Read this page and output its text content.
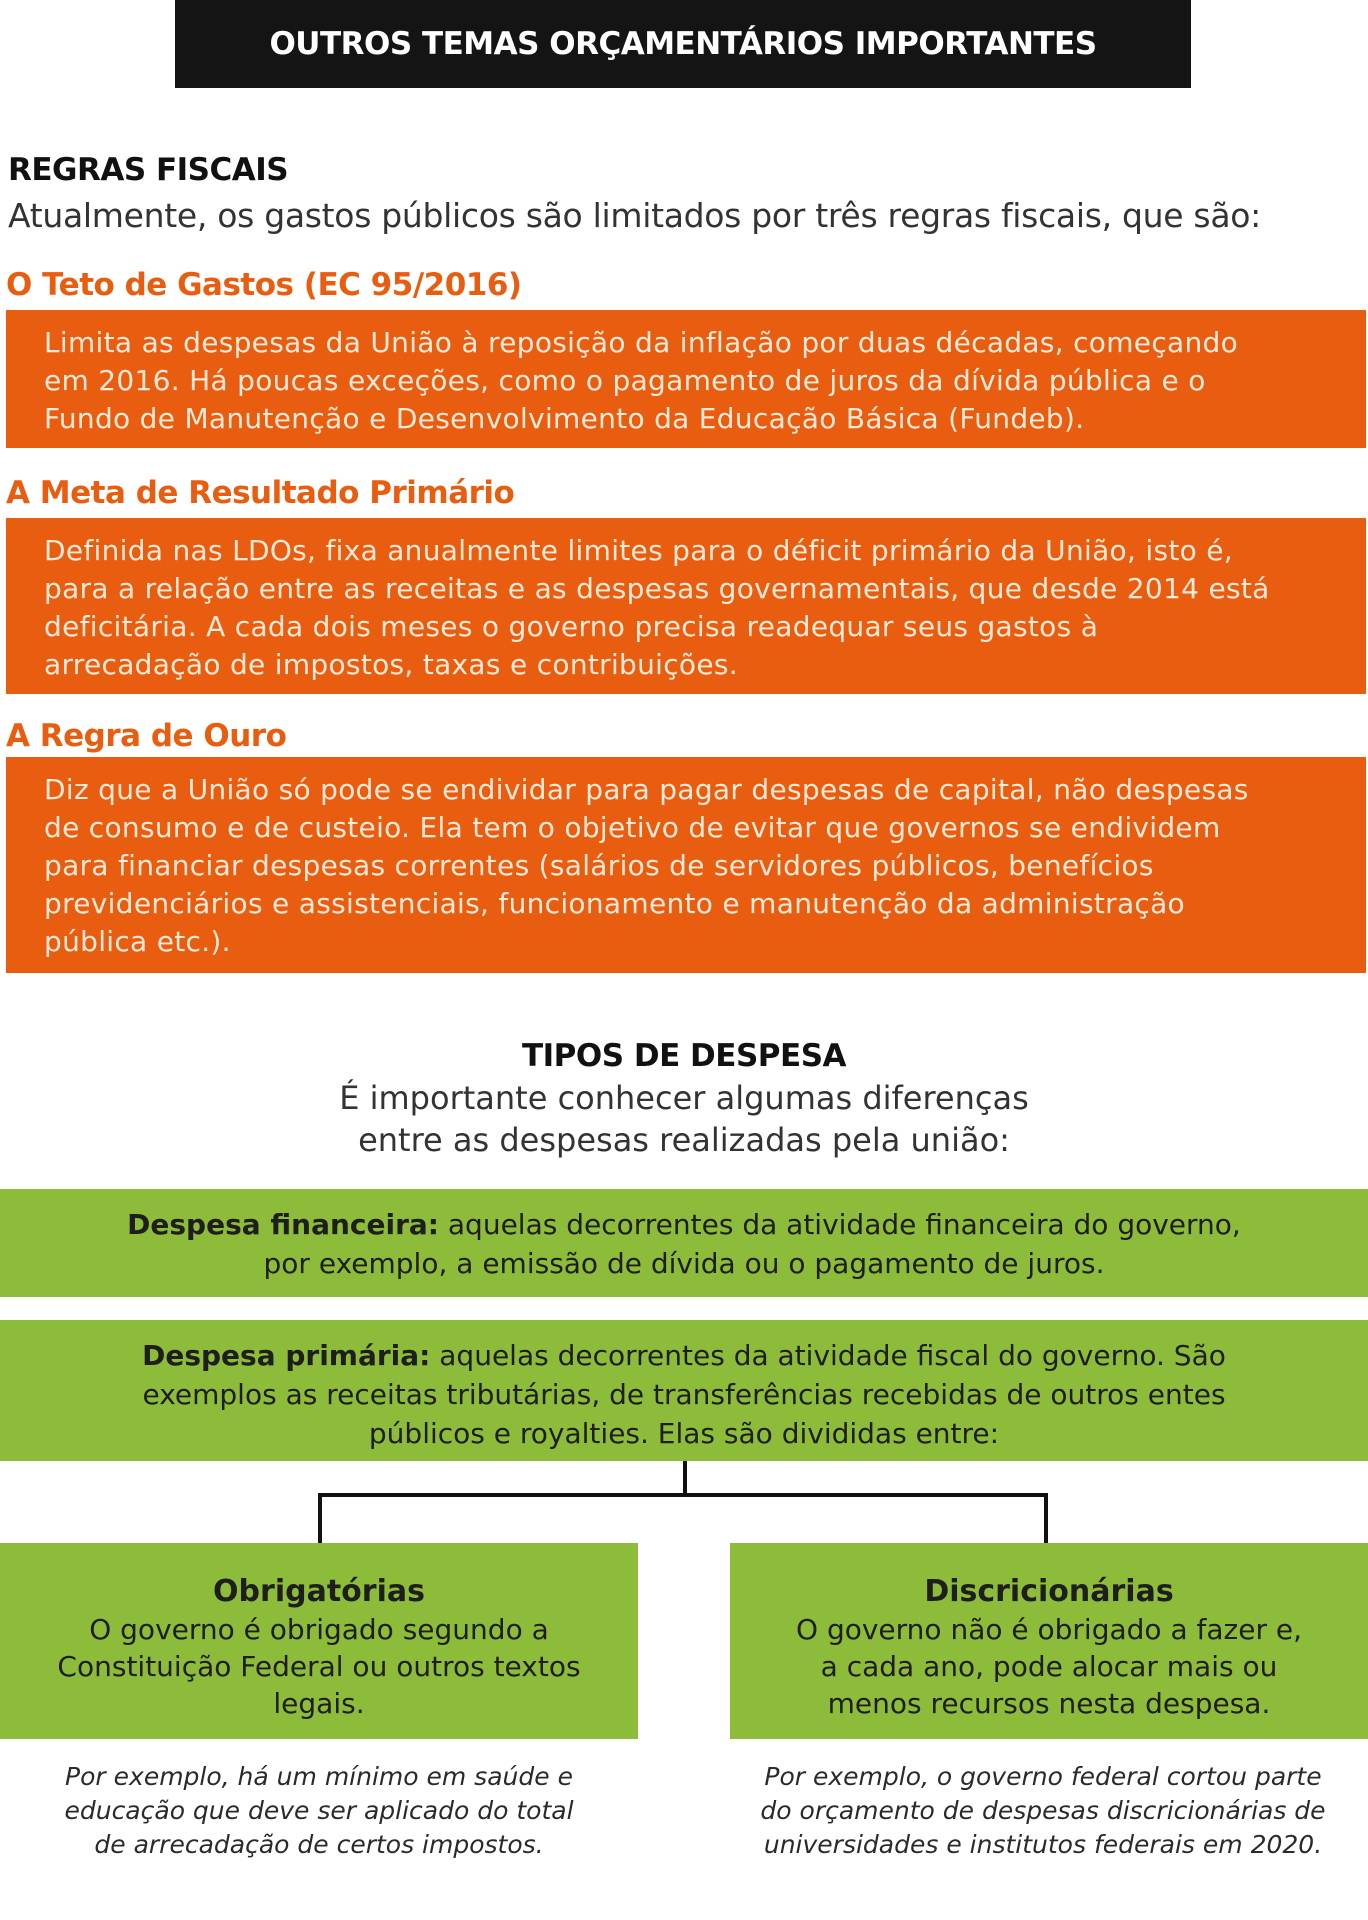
OUTROS TEMAS ORÇAMENTÁRIOS IMPORTANTES
REGRAS FISCAIS
Atualmente, os gastos públicos são limitados por três regras fiscais, que são:
O Teto de Gastos (EC 95/2016)
Limita as despesas da União à reposição da inflação por duas décadas, começando
em 2016. Há poucas exceções, como o pagamento de juros da dívida pública e o
Fundo de Manutenção e Desenvolvimento da Educação Básica (Fundeb).
A Meta de Resultado Primário
Definida nas LDOs, fixa anualmente limites para o déficit primário da União, isto é,
para a relação entre as receitas e as despesas governamentais, que desde 2014 está
deficitária. A cada dois meses o governo precisa readequar seus gastos à
arrecadação de impostos, taxas e contribuições.
A Regra de Ouro
Diz que a União só pode se endividar para pagar despesas de capital, não despesas
de consumo e de custeio. Ela tem o objetivo de evitar que governos se endividem
para financiar despesas correntes (salários de servidores públicos, benefícios
previdenciários e assistenciais, funcionamento e manutenção da administração
pública etc.).
TIPOS DE DESPESA
É importante conhecer algumas diferenças
entre as despesas realizadas pela união:
Despesa financeira: aquelas decorrentes da atividade financeira do governo,
por exemplo, a emissão de dívida ou o pagamento de juros.
Despesa primária: aquelas decorrentes da atividade fiscal do governo. São
exemplos as receitas tributárias, de transferências recebidas de outros entes
públicos e royalties. Elas são divididas entre:
Obrigatórias
O governo é obrigado segundo a
Constituição Federal ou outros textos
legais.
Discricionárias
O governo não é obrigado a fazer e,
a cada ano, pode alocar mais ou
menos recursos nesta despesa.
Por exemplo, há um mínimo em saúde e
educação que deve ser aplicado do total
de arrecadação de certos impostos.
Por exemplo, o governo federal cortou parte
do orçamento de despesas discricionárias de
universidades e institutos federais em 2020.
